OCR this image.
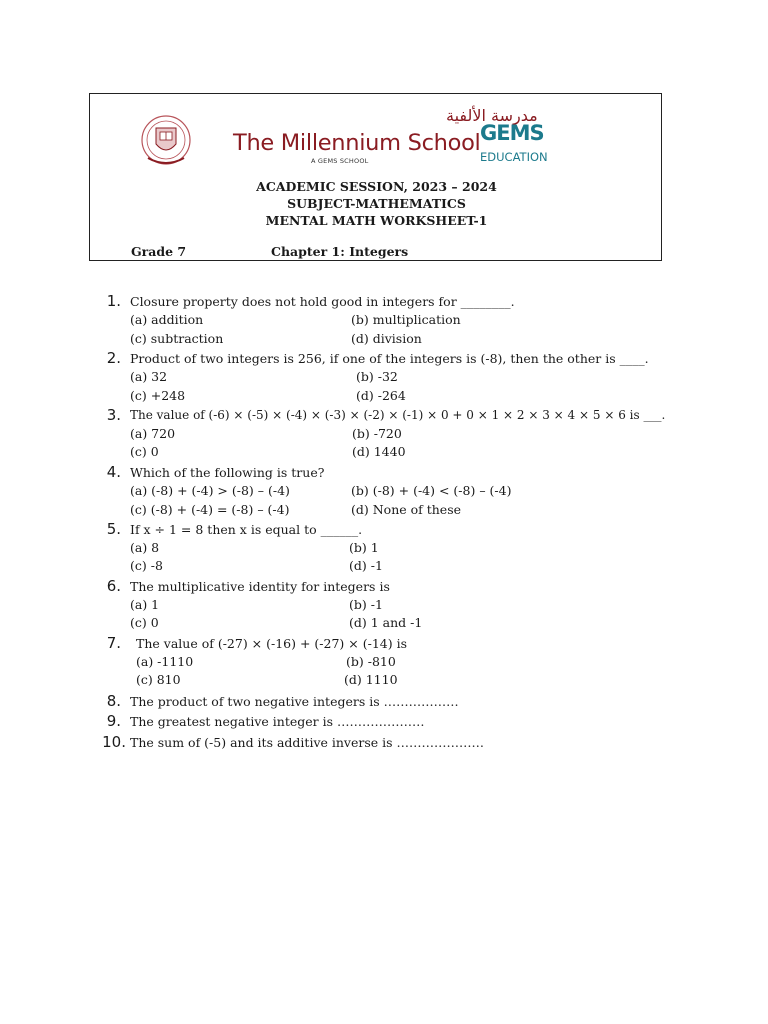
مدرسة الألفية
The Millennium School
A GEMS SCHOOL
GEMS
EDUCATION
ACADEMIC SESSION, 2023 – 2024
SUBJECT-MATHEMATICS
MENTAL MATH WORKSHEET-1
Grade 7	Chapter 1: Integers
1. Closure property does not hold good in integers for ________.
(a) addition	(b) multiplication
(c) subtraction	(d) division
2. Product of two integers is 256, if one of the integers is (-8), then the other is ____.
(a) 32	(b) -32
(c) +248	(d) -264
3. The value of (-6) × (-5) × (-4) × (-3) × (-2) × (-1) × 0 + 0 × 1 × 2 × 3 × 4 × 5 × 6 is ___.
(a) 720	(b) -720
(c) 0	(d) 1440
4. Which of the following is true?
(a) (-8) + (-4) > (-8) – (-4)	(b) (-8) + (-4) < (-8) – (-4)
(c) (-8) + (-4) = (-8) – (-4)	(d) None of these
5. If x ÷ 1 = 8 then x is equal to ______.
(a) 8	(b) 1
(c) -8	(d) -1
6. The multiplicative identity for integers is
(a) 1	(b) -1
(c) 0	(d) 1 and -1
7. The value of (-27) × (-16) + (-27) × (-14) is
(a) -1110	(b) -810
(c) 810	(d) 1110
8. The product of two negative integers is ………………
9. The greatest negative integer is …………………
10. The sum of (-5) and its additive inverse is …………………
